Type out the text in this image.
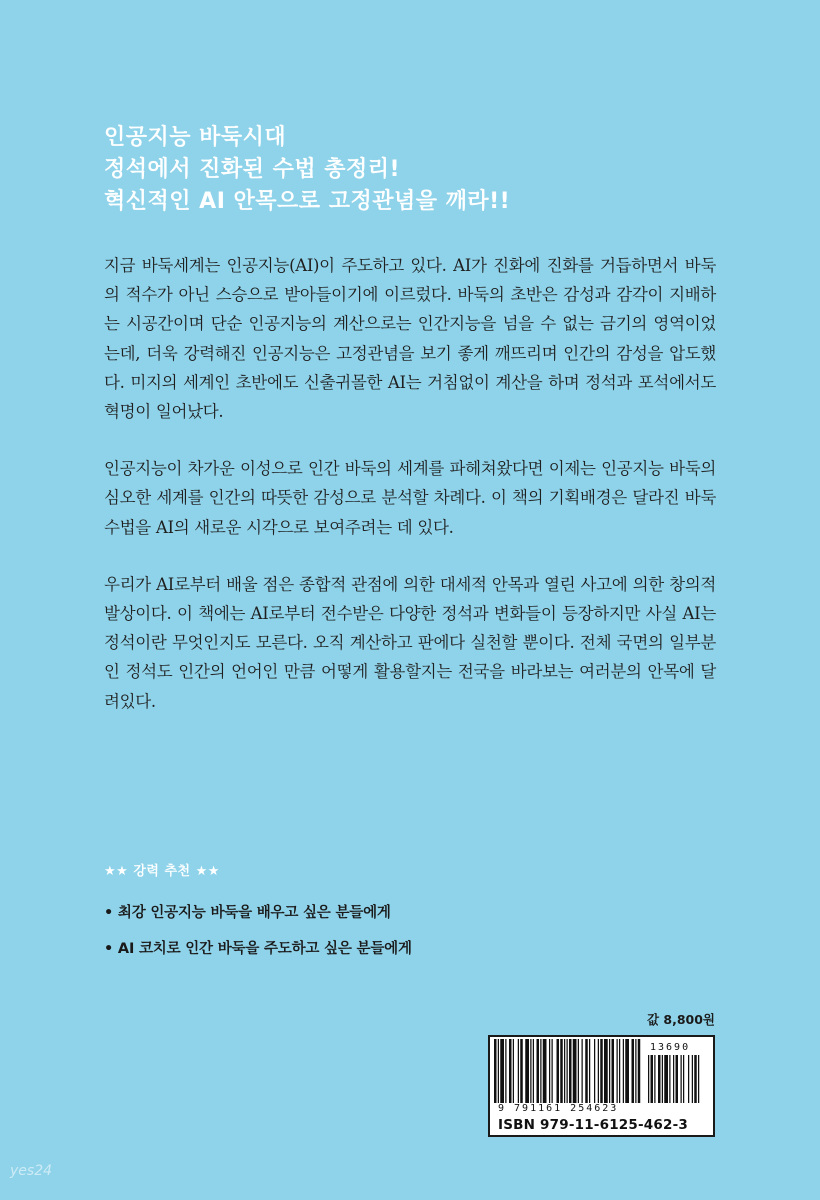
인공지능 바둑시대
정석에서 진화된 수법 총정리!
혁신적인 AI 안목으로 고정관념을 깨라!!

지금 바둑세계는 인공지능(AI)이 주도하고 있다. AI가 진화에 진화를 거듭하면서 바둑의 적수가 아닌 스승으로 받아들이기에 이르렀다. 바둑의 초반은 감성과 감각이 지배하는 시공간이며 단순 인공지능의 계산으로는 인간지능을 넘을 수 없는 금기의 영역이었는데, 더욱 강력해진 인공지능은 고정관념을 보기 좋게 깨뜨리며 인간의 감성을 압도했다. 미지의 세계인 초반에도 신출귀몰한 AI는 거침없이 계산을 하며 정석과 포석에서도 혁명이 일어났다.

인공지능이 차가운 이성으로 인간 바둑의 세계를 파헤쳐왔다면 이제는 인공지능 바둑의 심오한 세계를 인간의 따뜻한 감성으로 분석할 차례다. 이 책의 기획배경은 달라진 바둑 수법을 AI의 새로운 시각으로 보여주려는 데 있다.

우리가 AI로부터 배울 점은 종합적 관점에 의한 대세적 안목과 열린 사고에 의한 창의적 발상이다. 이 책에는 AI로부터 전수받은 다양한 정석과 변화들이 등장하지만 사실 AI는 정석이란 무엇인지도 모른다. 오직 계산하고 판에다 실천할 뿐이다. 전체 국면의 일부분인 정석도 인간의 언어인 만큼 어떻게 활용할지는 전국을 바라보는 여러분의 안목에 달려있다.

★★ 강력 추천 ★★
• 최강 인공지능 바둑을 배우고 싶은 분들에게
• AI 코치로 인간 바둑을 주도하고 싶은 분들에게
값 8,800원
13690
9 791161 254623
ISBN 979-11-6125-462-3
yes24
